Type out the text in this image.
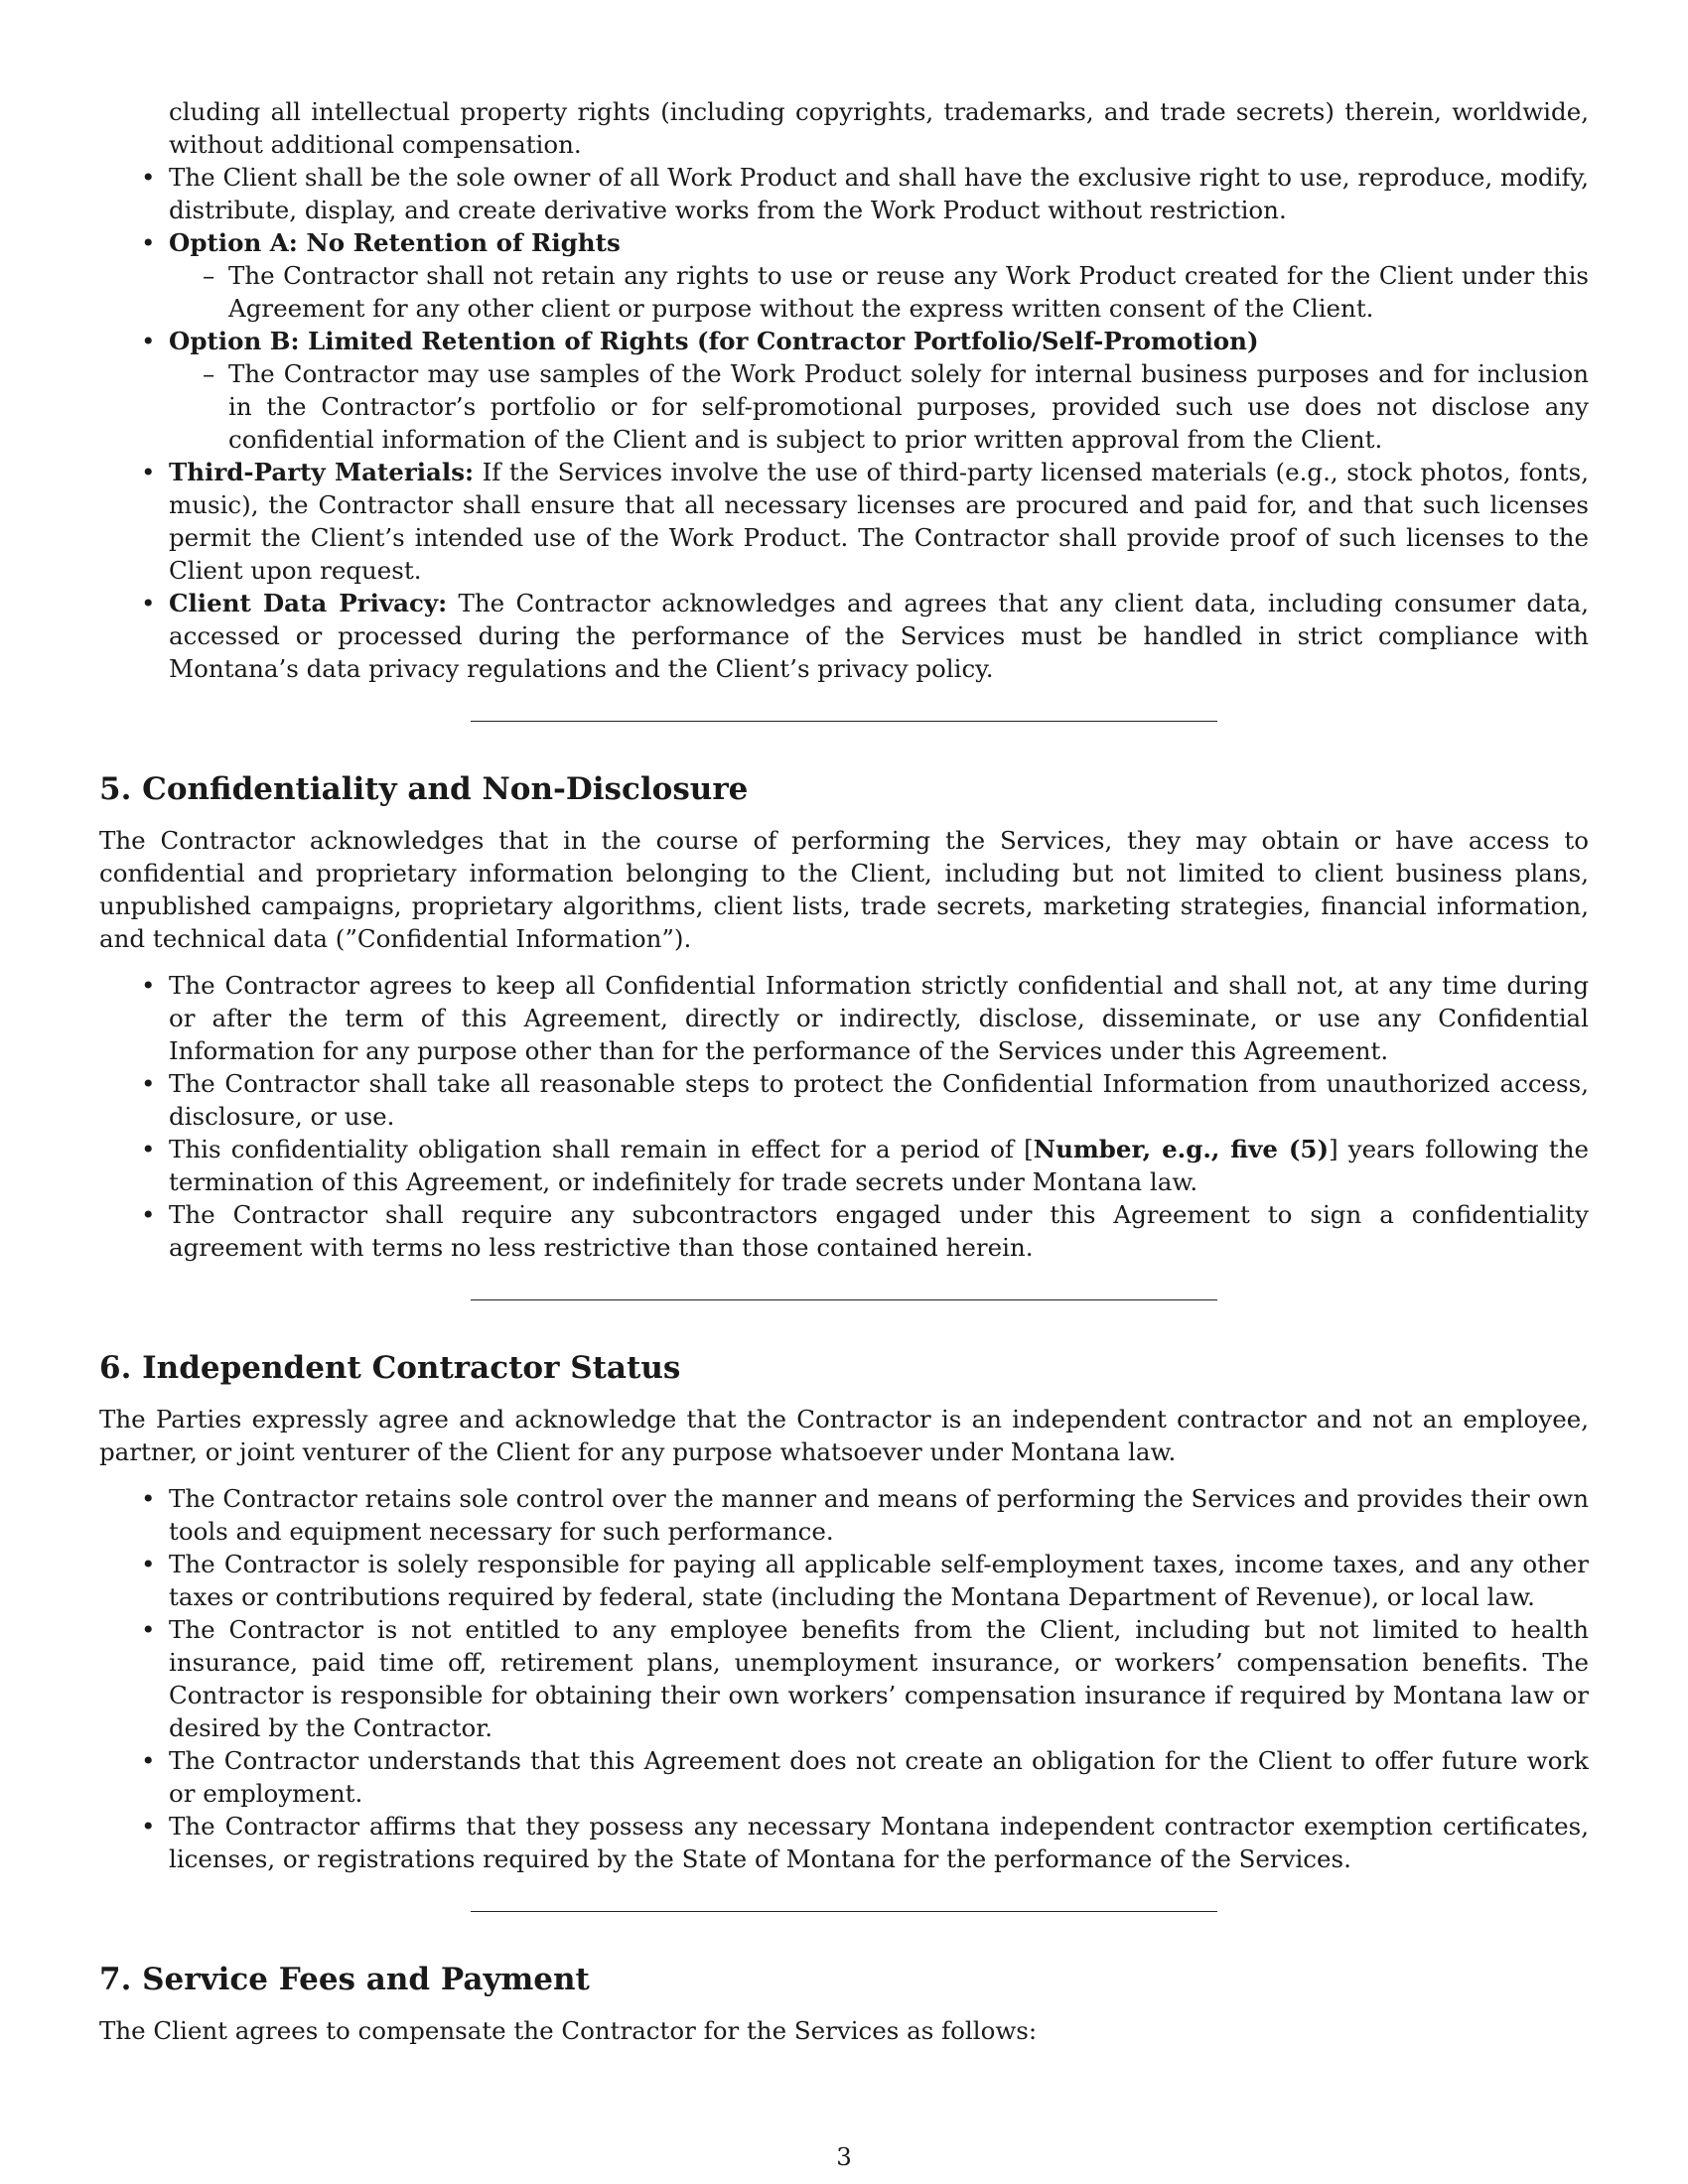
cluding all intellectual property rights (including copyrights, trademarks, and trade secrets) therein, worldwide, without additional compensation.
• The Client shall be the sole owner of all Work Product and shall have the exclusive right to use, reproduce, modify, distribute, display, and create derivative works from the Work Product without restriction.
• Option A: No Retention of Rights
– The Contractor shall not retain any rights to use or reuse any Work Product created for the Client under this Agreement for any other client or purpose without the express written consent of the Client.
• Option B: Limited Retention of Rights (for Contractor Portfolio/Self-Promotion)
– The Contractor may use samples of the Work Product solely for internal business purposes and for inclusion in the Contractor’s portfolio or for self-promotional purposes, provided such use does not disclose any confidential information of the Client and is subject to prior written approval from the Client.
• Third-Party Materials: If the Services involve the use of third-party licensed materials (e.g., stock photos, fonts, music), the Contractor shall ensure that all necessary licenses are procured and paid for, and that such licenses permit the Client’s intended use of the Work Product. The Contractor shall provide proof of such licenses to the Client upon request.
• Client Data Privacy: The Contractor acknowledges and agrees that any client data, including consumer data, accessed or processed during the performance of the Services must be handled in strict compliance with Montana’s data privacy regulations and the Client’s privacy policy.
5. Confidentiality and Non-Disclosure

The Contractor acknowledges that in the course of performing the Services, they may obtain or have access to confidential and proprietary information belonging to the Client, including but not limited to client business plans, unpublished campaigns, proprietary algorithms, client lists, trade secrets, marketing strategies, financial information, and technical data (”Confidential Information”).

• The Contractor agrees to keep all Confidential Information strictly confidential and shall not, at any time during or after the term of this Agreement, directly or indirectly, disclose, disseminate, or use any Confidential Information for any purpose other than for the performance of the Services under this Agreement.
• The Contractor shall take all reasonable steps to protect the Confidential Information from unauthorized access, disclosure, or use.
• This confidentiality obligation shall remain in effect for a period of [Number, e.g., five (5)] years following the termination of this Agreement, or indefinitely for trade secrets under Montana law.
• The Contractor shall require any subcontractors engaged under this Agreement to sign a confidentiality agreement with terms no less restrictive than those contained herein.
6. Independent Contractor Status

The Parties expressly agree and acknowledge that the Contractor is an independent contractor and not an employee, partner, or joint venturer of the Client for any purpose whatsoever under Montana law.

• The Contractor retains sole control over the manner and means of performing the Services and provides their own tools and equipment necessary for such performance.
• The Contractor is solely responsible for paying all applicable self-employment taxes, income taxes, and any other taxes or contributions required by federal, state (including the Montana Department of Revenue), or local law.
• The Contractor is not entitled to any employee benefits from the Client, including but not limited to health insurance, paid time off, retirement plans, unemployment insurance, or workers’ compensation benefits. The Contractor is responsible for obtaining their own workers’ compensation insurance if required by Montana law or desired by the Contractor.
• The Contractor understands that this Agreement does not create an obligation for the Client to offer future work or employment.
• The Contractor affirms that they possess any necessary Montana independent contractor exemption certificates, licenses, or registrations required by the State of Montana for the performance of the Services.
7. Service Fees and Payment

The Client agrees to compensate the Contractor for the Services as follows:

3
